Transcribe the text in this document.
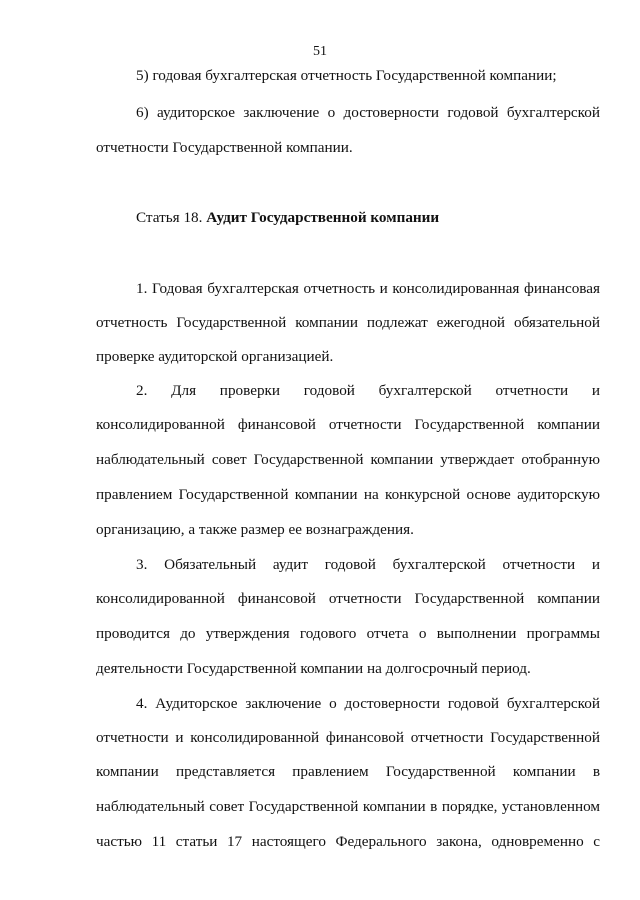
51
5) годовая бухгалтерская отчетность Государственной компании;
6) аудиторское заключение о достоверности годовой бухгалтерской
отчетности Государственной компании.
Статья 18. Аудит Государственной компании
1. Годовая бухгалтерская отчетность и консолидированная финансовая
отчетность Государственной компании подлежат ежегодной обязательной
проверке аудиторской организацией.
2. Для проверки годовой бухгалтерской отчетности и
консолидированной финансовой отчетности Государственной компании
наблюдательный совет Государственной компании утверждает отобранную
правлением Государственной компании на конкурсной основе аудиторскую
организацию, а также размер ее вознаграждения.
3. Обязательный аудит годовой бухгалтерской отчетности и
консолидированной финансовой отчетности Государственной компании
проводится до утверждения годового отчета о выполнении программы
деятельности Государственной компании на долгосрочный период.
4. Аудиторское заключение о достоверности годовой бухгалтерской
отчетности и консолидированной финансовой отчетности Государственной
компании представляется правлением Государственной компании в
наблюдательный совет Государственной компании в порядке, установленном
частью 11 статьи 17 настоящего Федерального закона, одновременно с
